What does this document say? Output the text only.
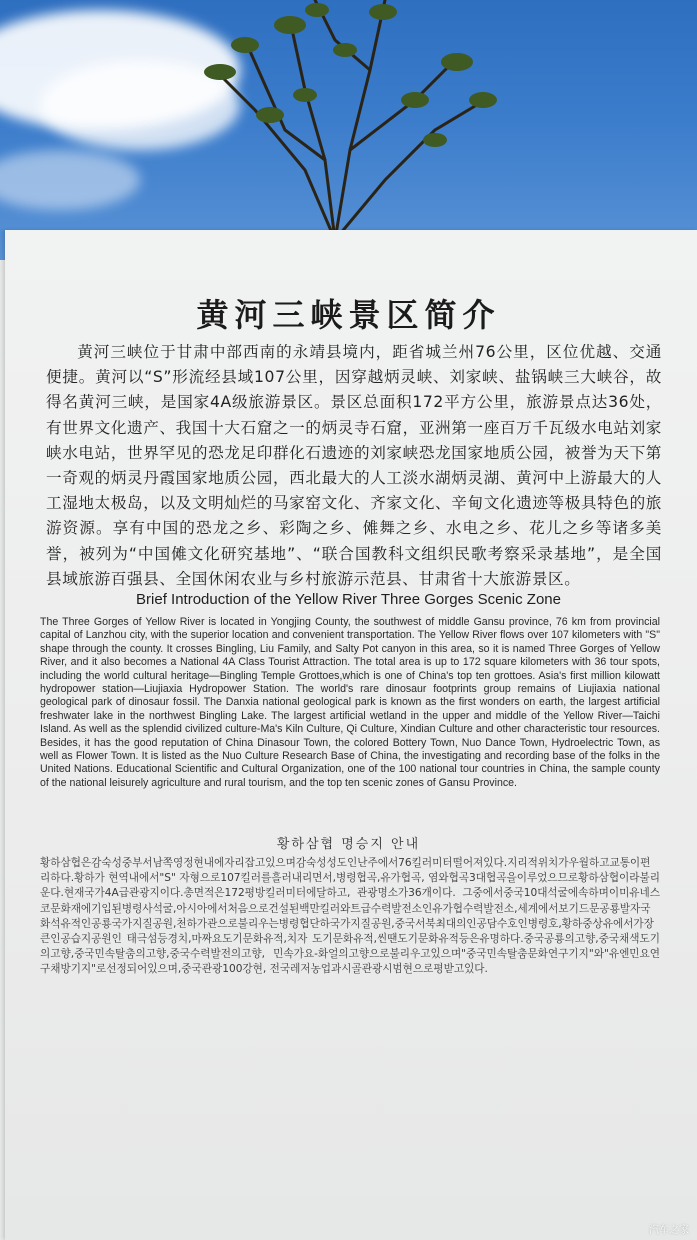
黄河三峡景区简介
黄河三峡位于甘肃中部西南的永靖县境内，距省城兰州76公里，区位优越、交通便捷。黄河以“S”形流经县域107公里，因穿越炳灵峡、刘家峡、盐锅峡三大峡谷，故得名黄河三峡，是国家4A级旅游景区。景区总面积172平方公里，旅游景点达36处，有世界文化遗产、我国十大石窟之一的炳灵寺石窟，亚洲第一座百万千瓦级水电站刘家峡水电站，世界罕见的恐龙足印群化石遗迹的刘家峡恐龙国家地质公园，被誉为天下第一奇观的炳灵丹霞国家地质公园，西北最大的人工淡水湖炳灵湖、黄河中上游最大的人工湿地太极岛，以及文明灿烂的马家窑文化、齐家文化、辛甸文化遗迹等极具特色的旅游资源。享有中国的恐龙之乡、彩陶之乡、傩舞之乡、水电之乡、花儿之乡等诸多美誉，被列为“中国傩文化研究基地”、“联合国教科文组织民歌考察采录基地”，是全国县域旅游百强县、全国休闲农业与乡村旅游示范县、甘肃省十大旅游景区。
Brief Introduction of the Yellow River Three Gorges Scenic Zone
The Three Gorges of Yellow River is located in Yongjing County, the southwest of middle Gansu province, 76 km from provincial capital of Lanzhou city, with the superior location and convenient transportation. The Yellow River flows over 107 kilometers with "S" shape through the county. It crosses Bingling, Liu Family, and Salty Pot canyon in this area, so it is named Three Gorges of Yellow River, and it also becomes a National 4A Class Tourist Attraction. The total area is up to 172 square kilometers with 36 tour spots, including the world cultural heritage—Bingling Temple Grottoes,which is one of China's top ten grottoes. Asia's first million kilowatt hydropower station—Liujiaxia Hydropower Station. The world's rare dinosaur footprints group remains of Liujiaxia national geological park of dinosaur fossil. The Danxia national geological park is known as the first wonders on earth, the largest artificial freshwater lake in the northwest Bingling Lake. The largest artificial wetland in the upper and middle of the Yellow River—Taichi Island. As well as the splendid civilized culture-Ma's Kiln Culture, Qi Culture, Xindian Culture and other characteristic tour resources. Besides, it has the good reputation of China Dinasour Town, the colored Bottery Town, Nuo Dance Town, Hydroelectric Town, as well as Flower Town. It is listed as the Nuo Culture Research Base of China, the investigating and recording base of the folks in the United Nations. Educational Scientific and Cultural Organization, one of the 100 national tour countries in China, the sample county of the national leisurely agriculture and rural tourism, and the top ten scenic zones of Gansu Province.
황하삼협 명승지 안내
황하삼협은감숙성중부서남쪽영정현내에자리잡고있으며감숙성성도인난주에서76킬러미터떨어져있다.지리적위치가우월하고교통이편리하다.황하가 현역내에서"S" 자형으로107킬러를흘러내리면서,병령협곡,유가협곡, 염와협곡3대협곡을이루었으므로황하삼협이라불리운다.현재국가4A급관광지이다.총면적은172평방킬러미터에달하고, 관광명소가36개이다. 그중에서중국10대석굴에속하며이미유네스코문화재에기입된병령사석굴,아시아에서처음으로건설된백만킬러와트급수력발전소인유가협수력발전소,세계에서보기드문공룡발자국화석유적인공룡국가지질공원,천하가관으로불리우는병령협단하국가지질공원,중국서북최대의인공담수호인병령호,황하중상유에서가장큰인공습지공원인 태극섬등경치,마짜요도기문화유적,치자 도기문화유적,씬땐도기문화유적등은유명하다.중국공룡의고향,중국채색도기의고향,중국민속탈춤의고향,중국수력발전의고향, 민속가요-화얼의고향으로불리우고있으며"중국민속탈춤문화연구기지"와"유엔민요연구채방기지"로선정되어있으며,중국관광100강현, 전국레저농업과시골관광시범현으로평받고있다.
汽车之家
